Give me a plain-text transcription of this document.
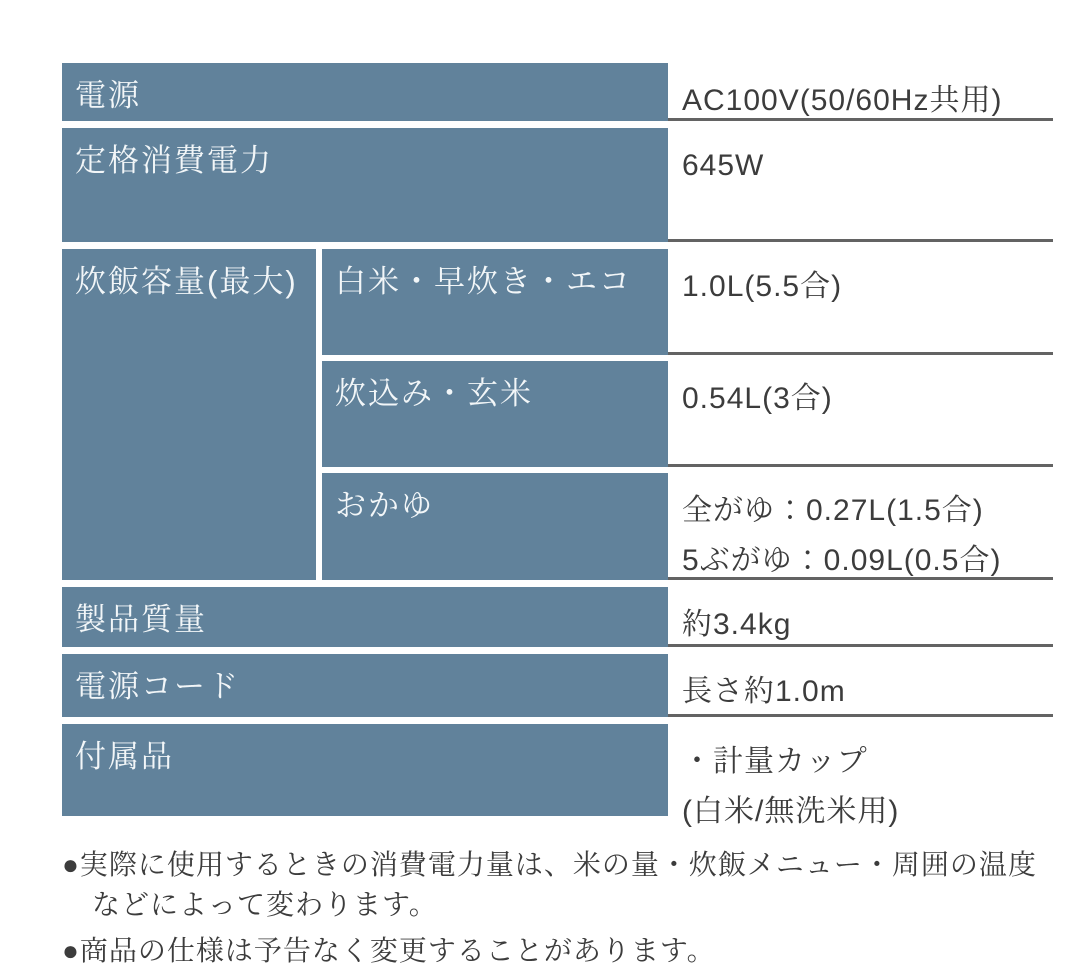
電源	AC100V(50/60Hz共用)
定格消費電力	645W
炊飯容量(最大)	白米・早炊き・エコ	1.0L(5.5合)
炊込み・玄米	0.54L(3合)
おかゆ	全がゆ：0.27L(1.5合)
5ぶがゆ：0.09L(0.5合)
製品質量	約3.4kg
電源コード	長さ約1.0m
付属品	・計量カップ
(白米/無洗米用)
●実際に使用するときの消費電力量は、米の量・炊飯メニュー・周囲の温度などによって変わります。
●商品の仕様は予告なく変更することがあります。
